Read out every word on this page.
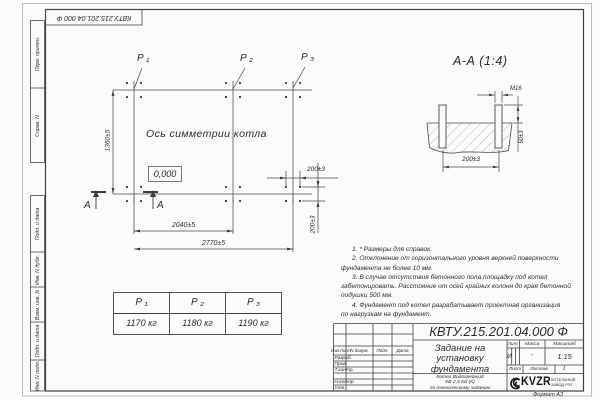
КВТУ.215.201.04.000 Ф
Перв. примен.
Справ. N
Подп. и дата
Инв. N дубл.
Взам. инв. N
Подп. и дата
Инв. N подл.
P ₁	P ₂	P ₃
Ось симметрии котла
0,000
А	А
1360±5
2040±5
2770±5
200±3
200±3
А-А (1:4)
М16
50±3
200±3
1. * Размеры для справок.
2. Отклонение от горизонтального уровня верхней поверхности
фундамента не более 10 мм.
3. В случае отсутствия бетонного пола площадку под котел
забетонировать. Расстояние от осей крайних колонн до края бетонной
подушки 500 мм.
4. Фундамент под котел разрабатывает проектная организация
по нагрузкам на фундамент.
P ₁	P ₂	P ₃
1170 кг	1180 кг	1190 кг
КВТУ.215.201.04.000 Ф
Изм.Лист N докум.	Подп.	Дата
Разраб.
Пров.
Т.контр.
Н.контр.
Утв.
Задание на
установку
фундамента
Котел Водогрейный
КВ-2,5 КБ (К)
по техническому заданию
Лит.	Масса	Масштаб
И	-	1:15
Лист	Листов	1
KVZR КОТЕЛЬНЫЙ
ЗАВОД РЭТ
Формат А3
